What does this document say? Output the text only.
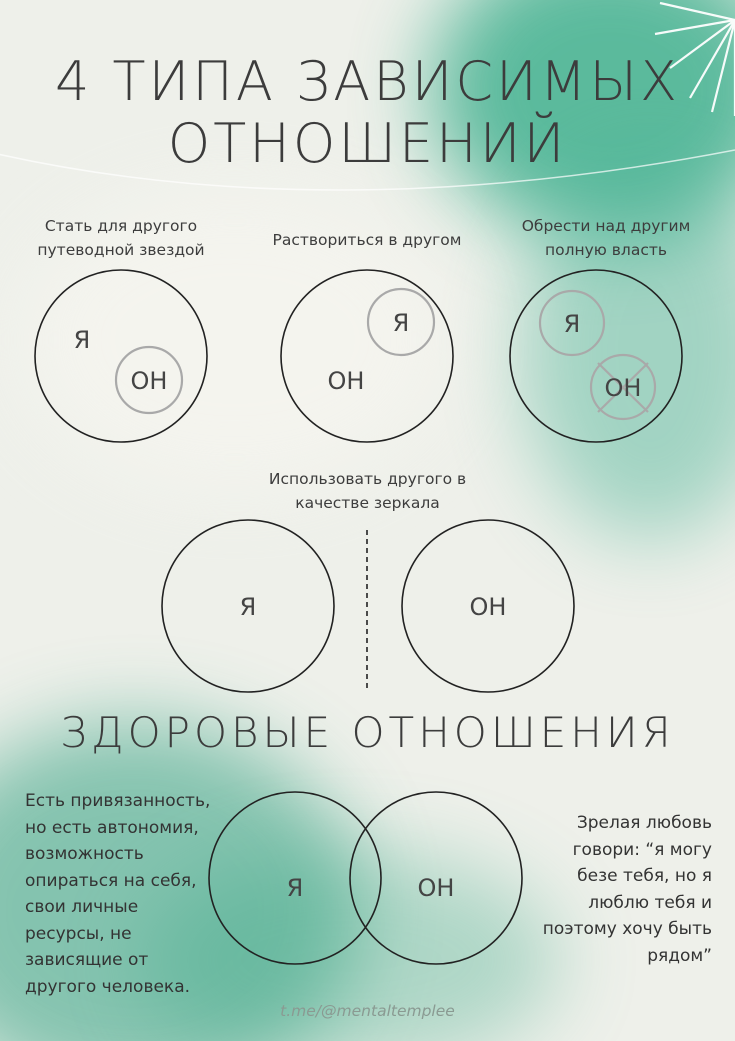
Я
ОН
Я
ОН
Я
ОН
Я	ОН
Я	ОН
4 ТИПА ЗАВИСИМЫХ
ОТНОШЕНИЙ
Стать для другого
путеводной звездой
Раствориться в другом
Обрести над другим
полную власть
Использовать другого в
качестве зеркала
ЗДОРОВЫЕ ОТНОШЕНИЯ
Есть привязанность,
но есть автономия,
возможность
опираться на себя,
свои личные
ресурсы, не
зависящие от
другого человека.
Зрелая любовь
говори: “я могу
безе тебя, но я
люблю тебя и
поэтому хочу быть
рядом”
t.me/@mentaltemplee
